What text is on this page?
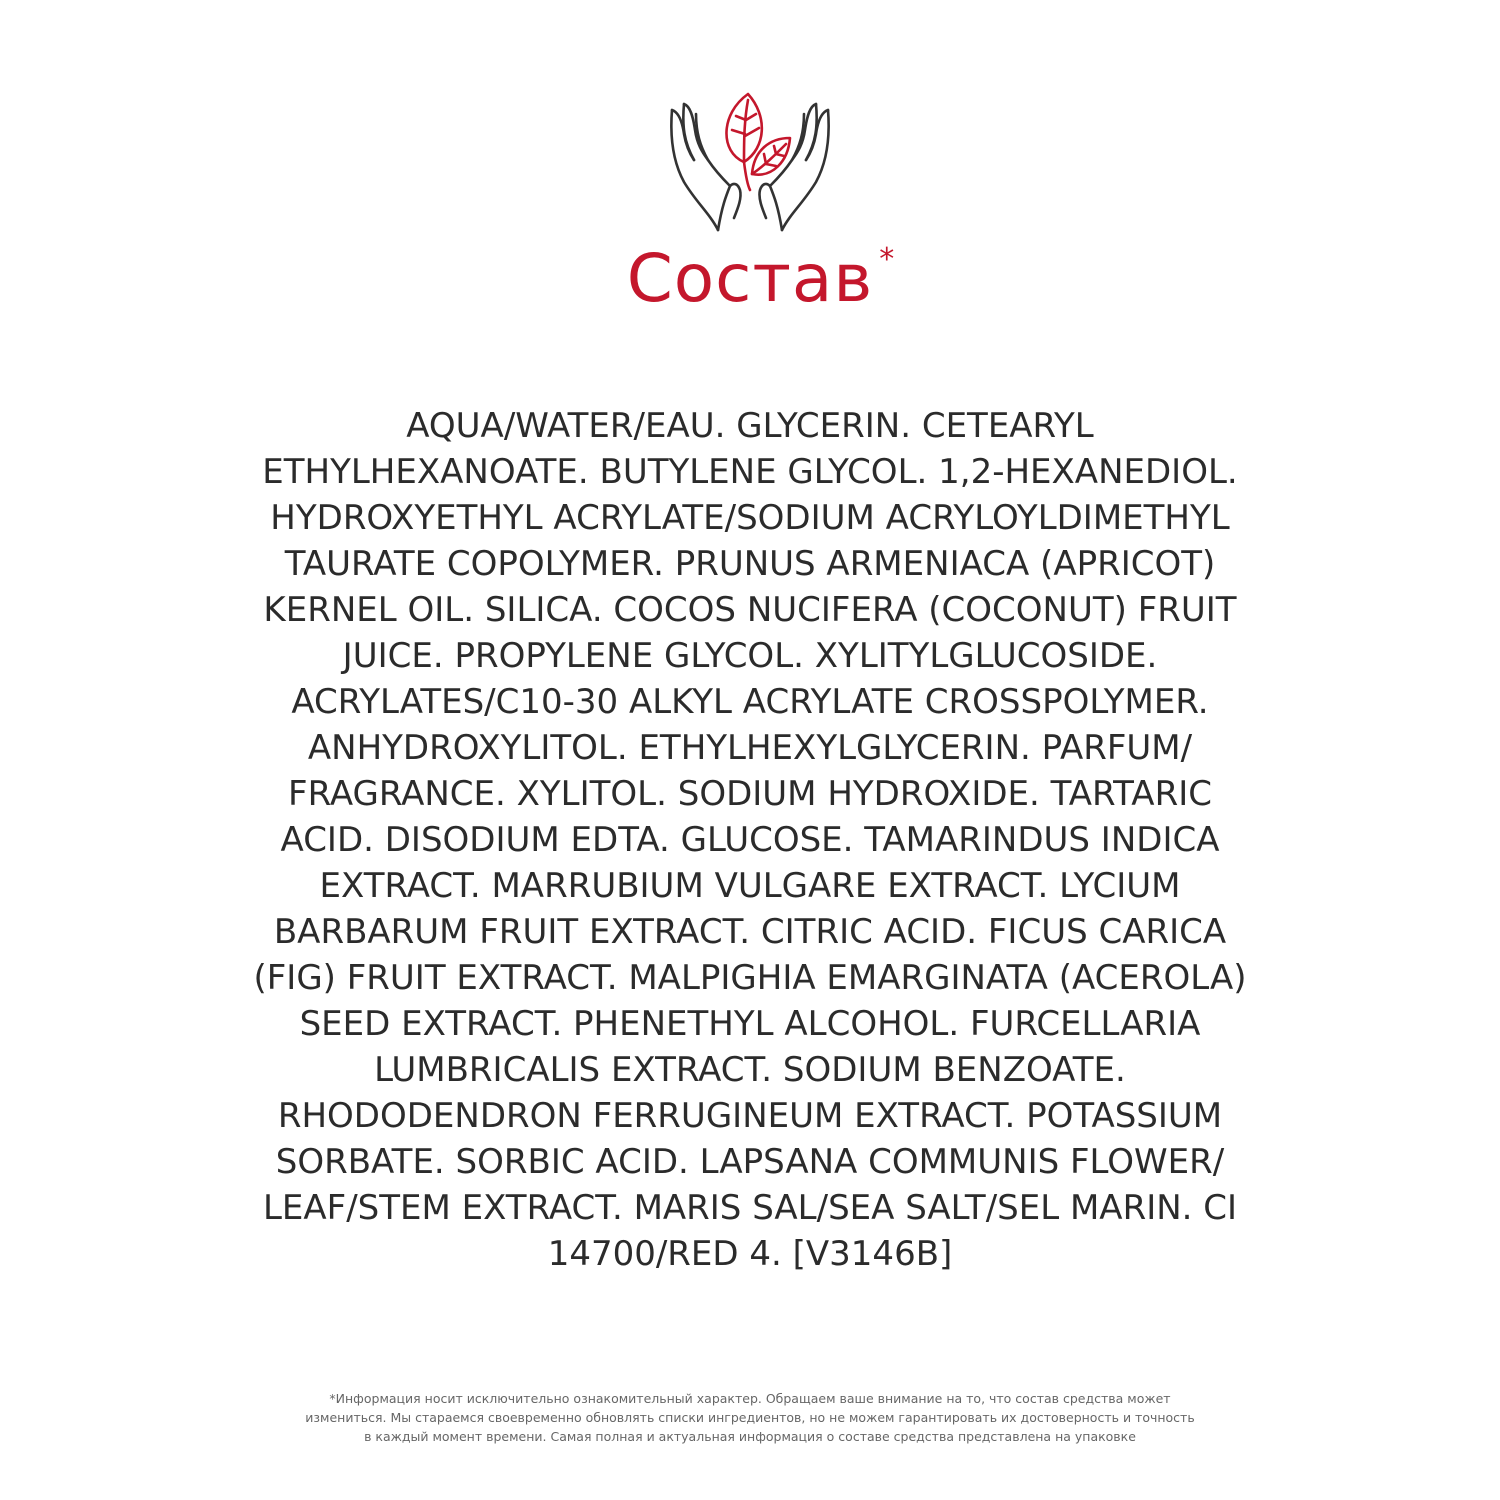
Состав *
AQUA/WATER/EAU. GLYCERIN. CETEARYL
ETHYLHEXANOATE. BUTYLENE GLYCOL. 1,2-HEXANEDIOL.
HYDROXYETHYL ACRYLATE/SODIUM ACRYLOYLDIMETHYL
TAURATE COPOLYMER. PRUNUS ARMENIACA (APRICOT)
KERNEL OIL. SILICA. COCOS NUCIFERA (COCONUT) FRUIT
JUICE. PROPYLENE GLYCOL. XYLITYLGLUCOSIDE.
ACRYLATES/C10-30 ALKYL ACRYLATE CROSSPOLYMER.
ANHYDROXYLITOL. ETHYLHEXYLGLYCERIN. PARFUM/
FRAGRANCE. XYLITOL. SODIUM HYDROXIDE. TARTARIC
ACID. DISODIUM EDTA. GLUCOSE. TAMARINDUS INDICA
EXTRACT. MARRUBIUM VULGARE EXTRACT. LYCIUM
BARBARUM FRUIT EXTRACT. CITRIC ACID. FICUS CARICA
(FIG) FRUIT EXTRACT. MALPIGHIA EMARGINATA (ACEROLA)
SEED EXTRACT. PHENETHYL ALCOHOL. FURCELLARIA
LUMBRICALIS EXTRACT. SODIUM BENZOATE.
RHODODENDRON FERRUGINEUM EXTRACT. POTASSIUM
SORBATE. SORBIC ACID. LAPSANA COMMUNIS FLOWER/
LEAF/STEM EXTRACT. MARIS SAL/SEA SALT/SEL MARIN. CI
14700/RED 4. [V3146B]
*Информация носит исключительно ознакомительный характер. Обращаем ваше внимание на то, что состав средства может
измениться. Мы стараемся своевременно обновлять списки ингредиентов, но не можем гарантировать их достоверность и точность
в каждый момент времени. Самая полная и актуальная информация о составе средства представлена на упаковке
